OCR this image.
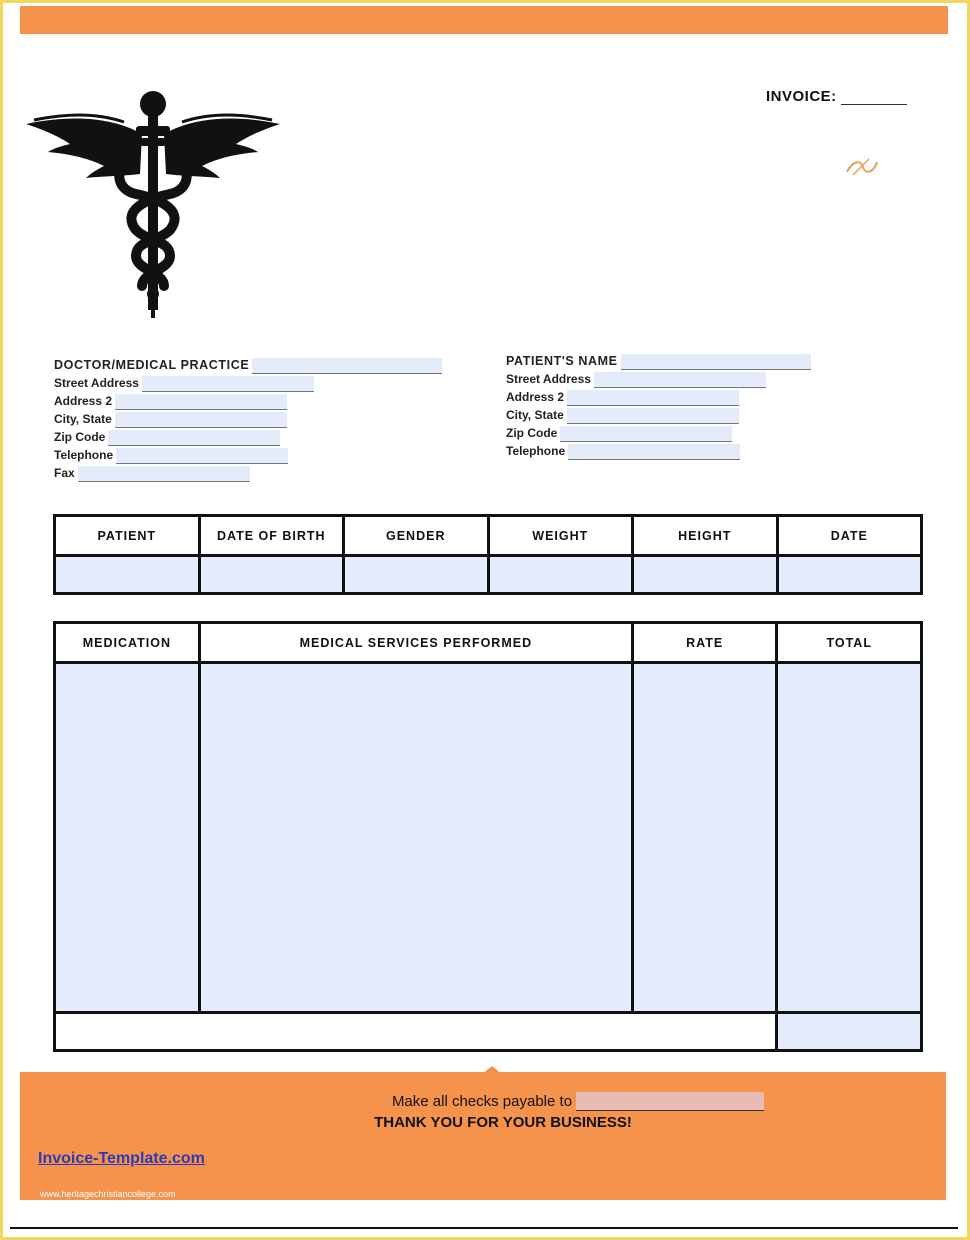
INVOICE:
DOCTOR/MEDICAL PRACTICE
Street Address
Address 2
City, State
Zip Code
Telephone
Fax
PATIENT'S NAME
Street Address
Address 2
City, State
Zip Code
Telephone
PATIENT	DATE OF BIRTH	GENDER	WEIGHT	HEIGHT	DATE

MEDICATION	MEDICAL SERVICES PERFORMED	RATE	TOTAL

Make all checks payable to
THANK YOU FOR YOUR BUSINESS!
Invoice-Template.com
www.heritagechristiancollege.com
